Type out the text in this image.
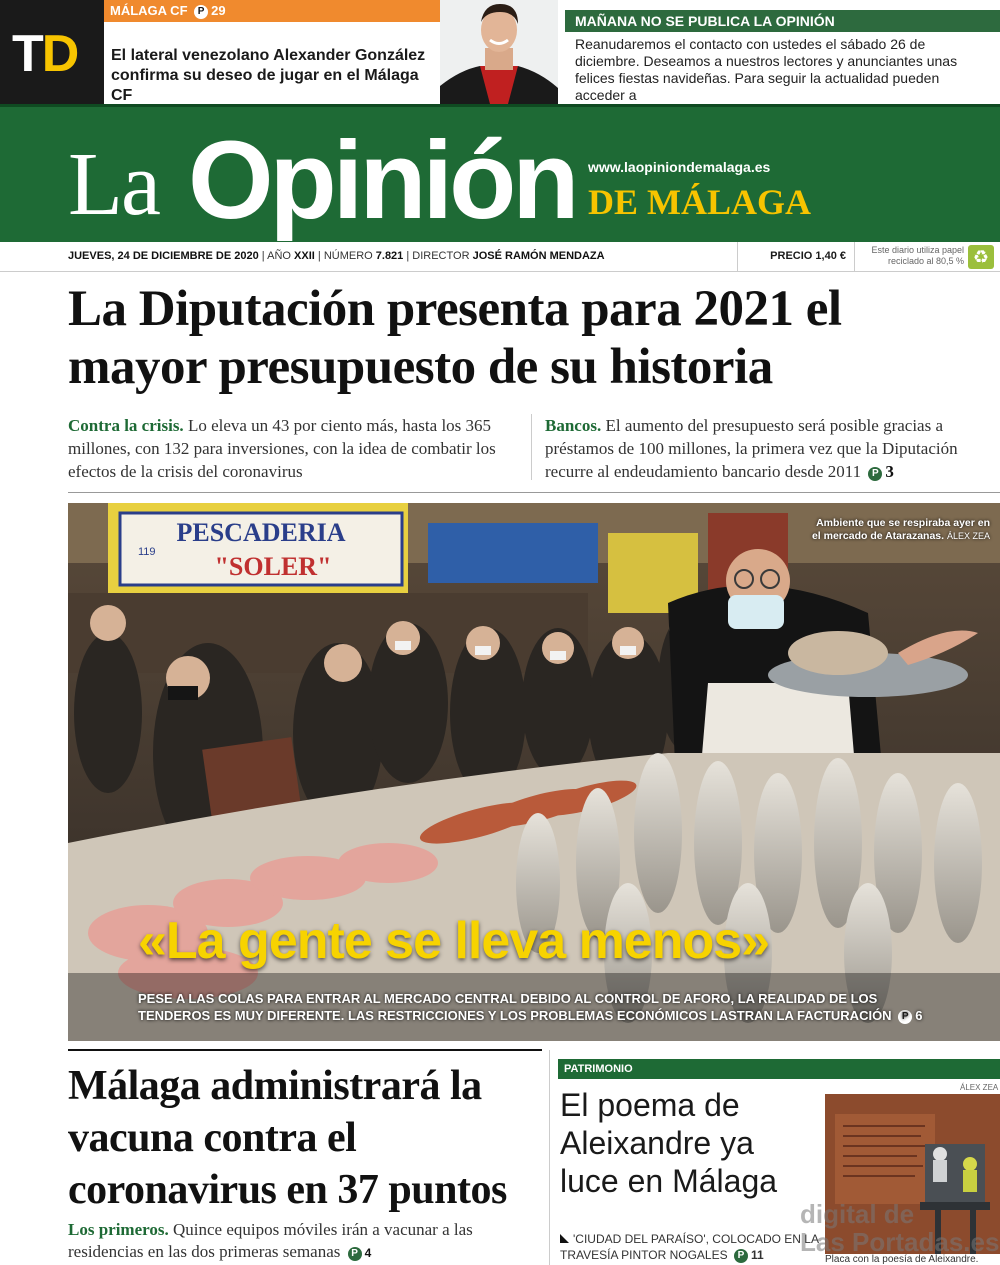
TD
MÁLAGA CF P 29
El lateral venezolano Alexander González confirma su deseo de jugar en el Málaga CF
MAÑANA NO SE PUBLICA LA OPINIÓN
Reanudaremos el contacto con ustedes el sábado 26 de diciembre. Deseamos a nuestros lectores y anunciantes unas felices fiestas navideñas. Para seguir la actualidad pueden acceder a
La Opinión www.laopiniondemalaga.es
DE MÁLAGA
JUEVES, 24 DE DICIEMBRE DE 2020 | AÑO XXII | NÚMERO 7.821 | DIRECTOR JOSÉ RAMÓN MENDAZA	PRECIO 1,40 €	Este diario utiliza papel reciclado al 80,5 % ♻
La Diputación presenta para 2021 el mayor presupuesto de su historia

Contra la crisis. Lo eleva un 43 por ciento más, hasta los 365 millones, con 132 para inversiones, con la idea de combatir los efectos de la crisis del coronavirus

Bancos. El aumento del presupuesto será posible gracias a préstamos de 100 millones, la primera vez que la Diputación recurre al endeudamiento bancario desde 2011 P 3

PESCADERIA
"SOLER"
119
Ambiente que se respiraba ayer en el mercado de Atarazanas. ÁLEX ZEA
«La gente se lleva menos»
PESE A LAS COLAS PARA ENTRAR AL MERCADO CENTRAL DEBIDO AL CONTROL DE AFORO, LA REALIDAD DE LOS TENDEROS ES MUY DIFERENTE. LAS RESTRICCIONES Y LOS PROBLEMAS ECONÓMICOS LASTRAN LA FACTURACIÓN P 6
Málaga administrará la vacuna contra el coronavirus en 37 puntos

Los primeros. Quince equipos móviles irán a vacunar a las residencias en las dos primeras semanas P 4

PATRIMONIO
El poema de Aleixandre ya luce en Málaga

'CIUDAD DEL PARAÍSO', COLOCADO EN LA TRAVESÍA PINTOR NOGALES P 11

ÁLEX ZEA
Placa con la poesía de Aleixandre.
digital de
Las Portadas.es
